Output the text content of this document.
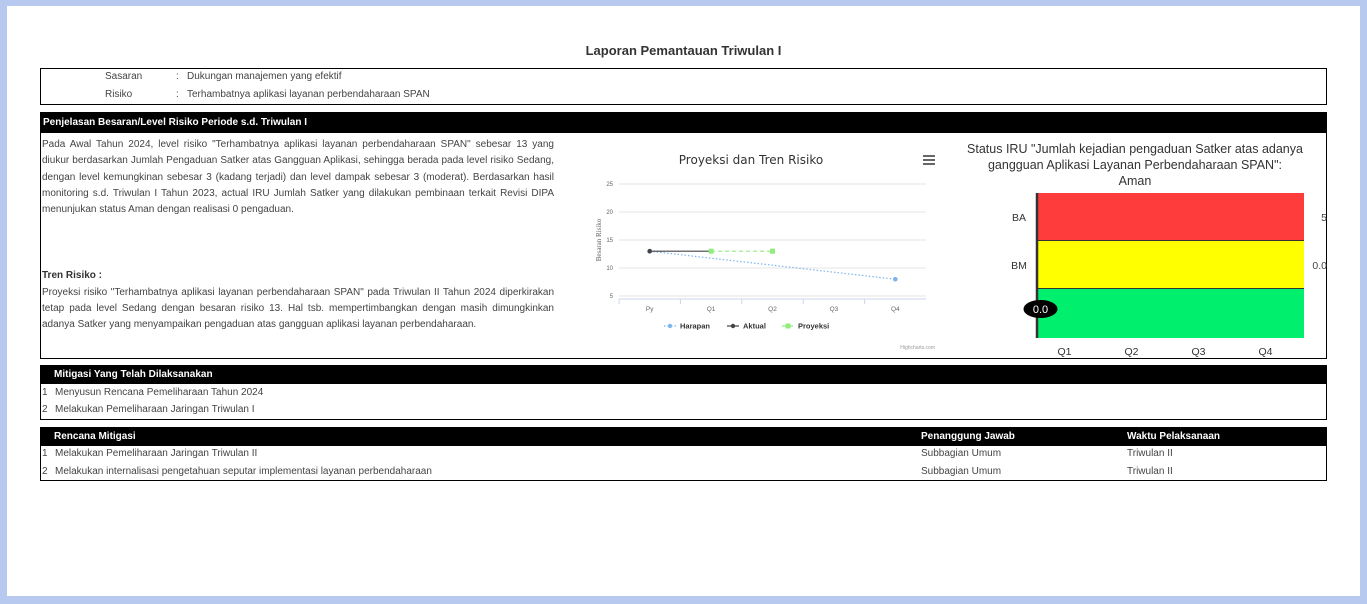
Laporan Pemantauan Triwulan I
Sasaran	: Dukungan manajemen yang efektif
Risiko	: Terhambatnya aplikasi layanan perbendaharaan SPAN
Penjelasan Besaran/Level Risiko Periode s.d. Triwulan I
Pada Awal Tahun 2024, level risiko "Terhambatnya aplikasi layanan perbendaharaan SPAN" sebesar 13 yang diukur berdasarkan Jumlah Pengaduan Satker atas Gangguan Aplikasi, sehingga berada pada level risiko Sedang, dengan level kemungkinan sebesar 3 (kadang terjadi) dan level dampak sebesar 3 (moderat). Berdasarkan hasil monitoring s.d. Triwulan I Tahun 2023, actual IRU Jumlah Satker yang dilakukan pembinaan terkait Revisi DIPA menunjukan status Aman dengan realisasi 0 pengaduan.
Tren Risiko :
Proyeksi risiko "Terhambatnya aplikasi layanan perbendaharaan SPAN" pada Triwulan II Tahun 2024 diperkirakan tetap pada level Sedang dengan besaran risiko 13. Hal tsb. mempertimbangkan dengan masih dimungkinkan adanya Satker yang menyampaikan pengaduan atas gangguan aplikasi layanan perbendaharaan.
Proyeksi dan Tren Risiko
5
10
15
20
25
Py	Q1	Q2	Q3	Q4
Besaran Risiko
Harapan	Aktual	Proyeksi
Highcharts.com
Status IRU "Jumlah kejadian pengaduan Satker atas adanya
gangguan Aplikasi Layanan Perbendaharaan SPAN":
Aman
BA	5
BM	0.0
Q1	Q2	Q3	Q4
0.0
Mitigasi Yang Telah Dilaksanakan
1 Menyusun Rencana Pemeliharaan Tahun 2024
2 Melakukan Pemeliharaan Jaringan Triwulan I
Rencana Mitigasi	Penanggung Jawab	Waktu Pelaksanaan
1 Melakukan Pemeliharaan Jaringan Triwulan II	Subbagian Umum	Triwulan II
2 Melakukan internalisasi pengetahuan seputar implementasi layanan perbendaharaan	Subbagian Umum	Triwulan II
